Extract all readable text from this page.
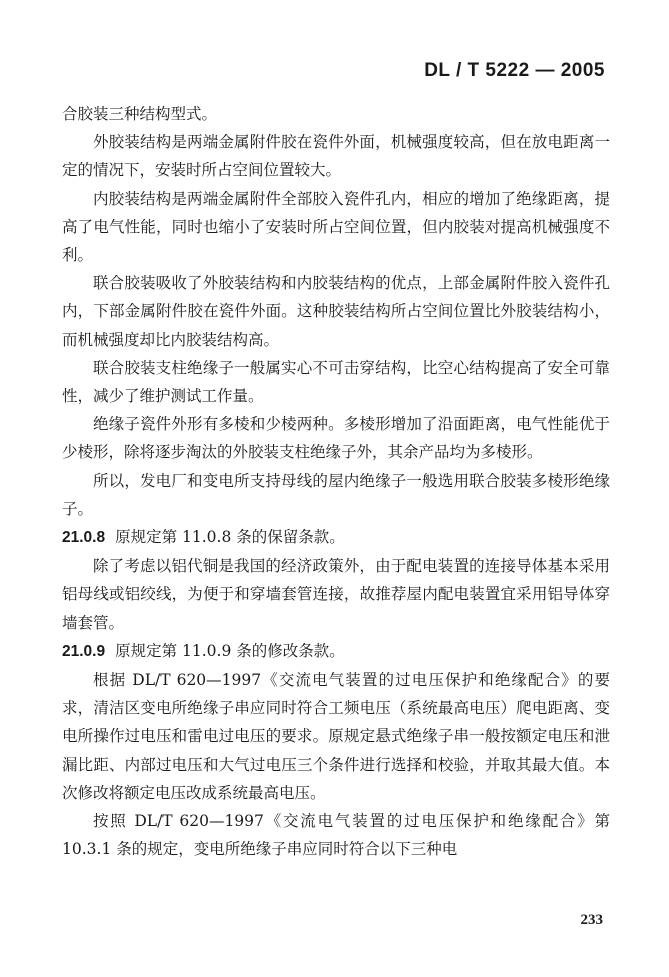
DL / T 5222 — 2005

合胶装三种结构型式。

外胶装结构是两端金属附件胶在瓷件外面，机械强度较高，但在放电距离一定的情况下，安装时所占空间位置较大。

内胶装结构是两端金属附件全部胶入瓷件孔内，相应的增加了绝缘距离，提高了电气性能，同时也缩小了安装时所占空间位置，但内胶装对提高机械强度不利。

联合胶装吸收了外胶装结构和内胶装结构的优点，上部金属附件胶入瓷件孔内，下部金属附件胶在瓷件外面。这种胶装结构所占空间位置比外胶装结构小，而机械强度却比内胶装结构高。

联合胶装支柱绝缘子一般属实心不可击穿结构，比空心结构提高了安全可靠性，减少了维护测试工作量。

绝缘子瓷件外形有多棱和少棱两种。多棱形增加了沿面距离，电气性能优于少棱形，除将逐步淘汰的外胶装支柱绝缘子外，其余产品均为多棱形。

所以，发电厂和变电所支持母线的屋内绝缘子一般选用联合胶装多棱形绝缘子。

21.0.8 原规定第 11.0.8 条的保留条款。

除了考虑以铝代铜是我国的经济政策外，由于配电装置的连接导体基本采用铝母线或铝绞线，为便于和穿墙套管连接，故推荐屋内配电装置宜采用铝导体穿墙套管。

21.0.9 原规定第 11.0.9 条的修改条款。

根据 DL/T 620—1997《交流电气装置的过电压保护和绝缘配合》的要求，清洁区变电所绝缘子串应同时符合工频电压（系统最高电压）爬电距离、变电所操作过电压和雷电过电压的要求。原规定悬式绝缘子串一般按额定电压和泄漏比距、内部过电压和大气过电压三个条件进行选择和校验，并取其最大值。本次修改将额定电压改成系统最高电压。

按照 DL/T 620—1997《交流电气装置的过电压保护和绝缘配合》第 10.3.1 条的规定，变电所绝缘子串应同时符合以下三种电

233
